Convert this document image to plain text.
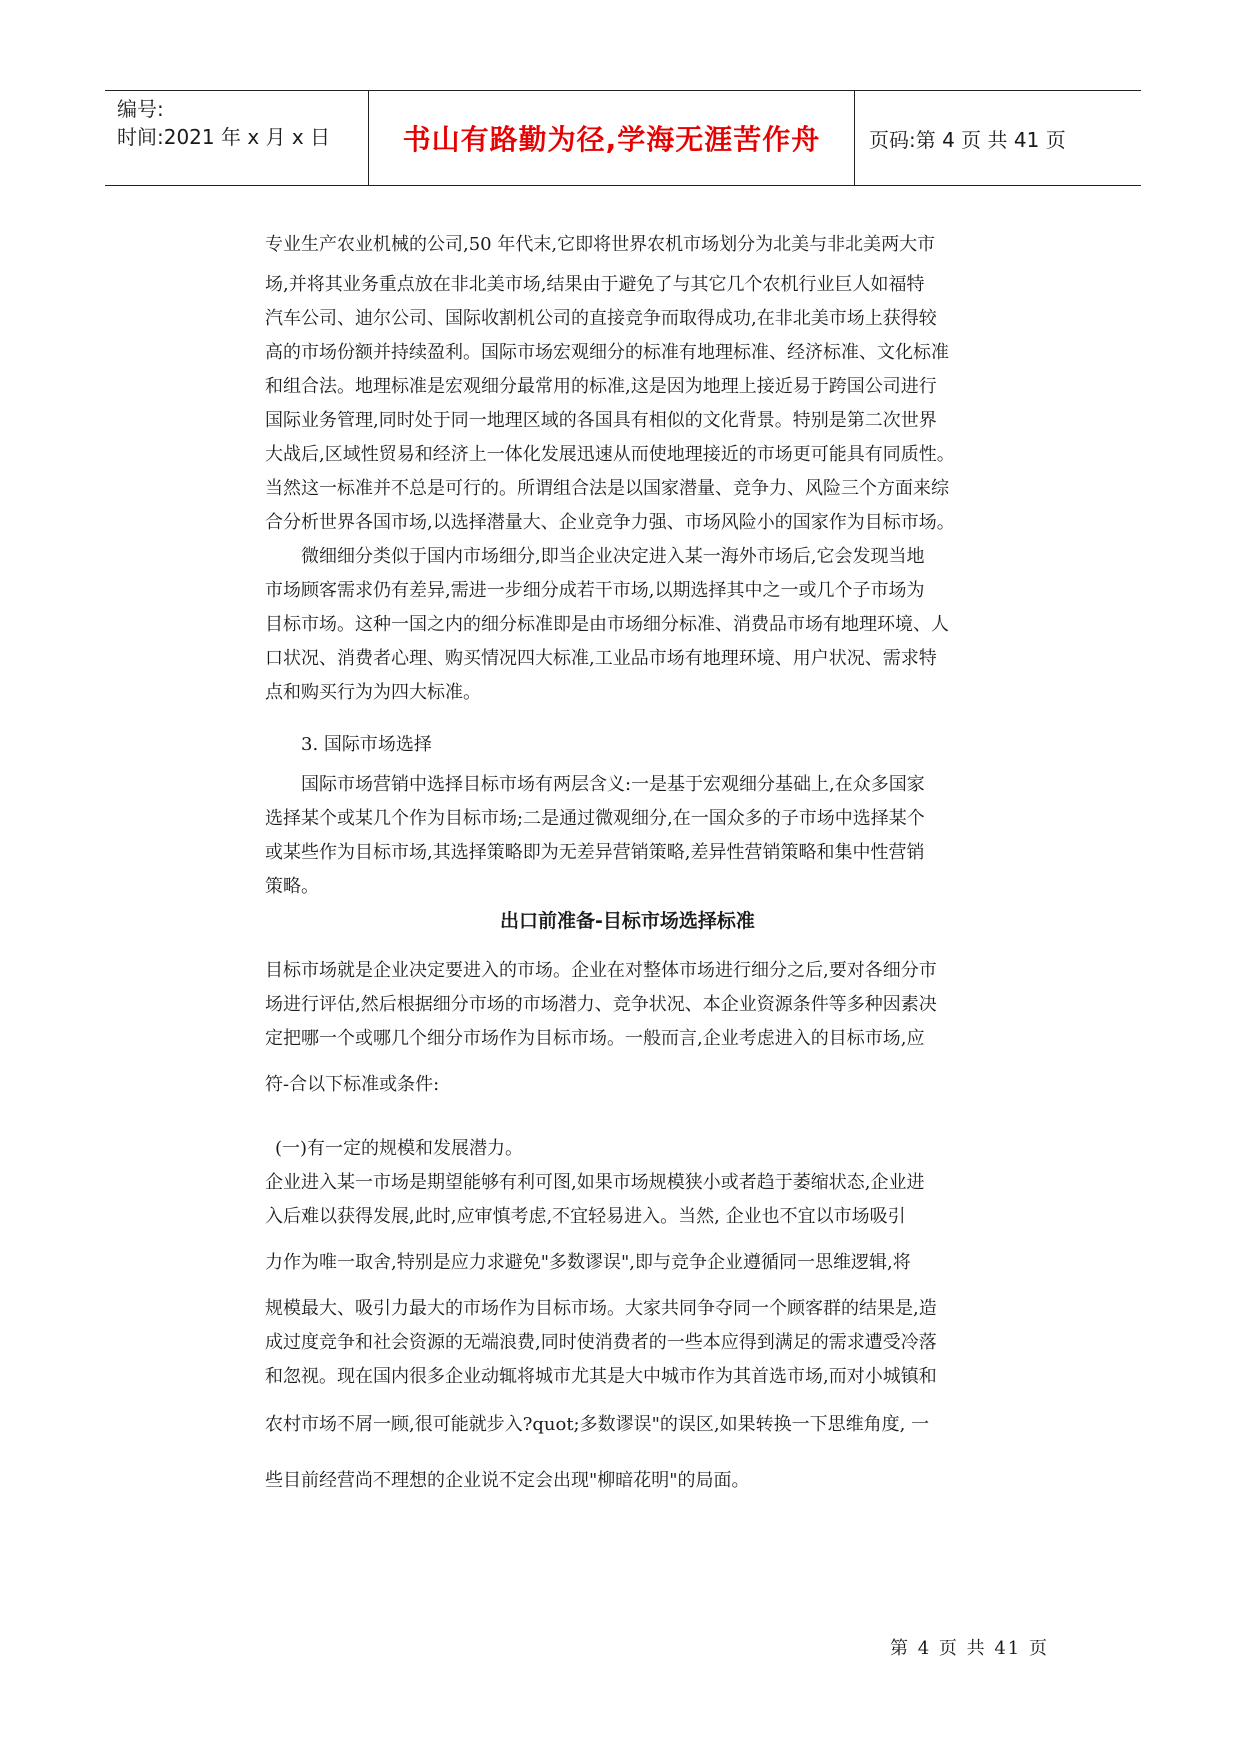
编号:
时间:2021 年 x 月 x 日	书山有路勤为径,学海无涯苦作舟	页码:第 4 页 共 41 页
专业生产农业机械的公司,50 年代末,它即将世界农机市场划分为北美与非北美两大市
场,并将其业务重点放在非北美市场,结果由于避免了与其它几个农机行业巨人如福特
汽车公司、迪尔公司、国际收割机公司的直接竞争而取得成功,在非北美市场上获得较
高的市场份额并持续盈利。国际市场宏观细分的标准有地理标准、经济标准、文化标准
和组合法。地理标准是宏观细分最常用的标准,这是因为地理上接近易于跨国公司进行
国际业务管理,同时处于同一地理区域的各国具有相似的文化背景。特别是第二次世界
大战后,区域性贸易和经济上一体化发展迅速从而使地理接近的市场更可能具有同质性。
当然这一标准并不总是可行的。所谓组合法是以国家潜量、竞争力、风险三个方面来综
合分析世界各国市场,以选择潜量大、企业竞争力强、市场风险小的国家作为目标市场。
微细细分类似于国内市场细分,即当企业决定进入某一海外市场后,它会发现当地
市场顾客需求仍有差异,需进一步细分成若干市场,以期选择其中之一或几个子市场为
目标市场。这种一国之内的细分标准即是由市场细分标准、消费品市场有地理环境、人
口状况、消费者心理、购买情况四大标准,工业品市场有地理环境、用户状况、需求特
点和购买行为为四大标准。
3. 国际市场选择
国际市场营销中选择目标市场有两层含义:一是基于宏观细分基础上,在众多国家
选择某个或某几个作为目标市场;二是通过微观细分,在一国众多的子市场中选择某个
或某些作为目标市场,其选择策略即为无差异营销策略,差异性营销策略和集中性营销
策略。
出口前准备-目标市场选择标准
目标市场就是企业决定要进入的市场。企业在对整体市场进行细分之后,要对各细分市
场进行评估,然后根据细分市场的市场潜力、竞争状况、本企业资源条件等多种因素决
定把哪一个或哪几个细分市场作为目标市场。一般而言,企业考虑进入的目标市场,应
符-合以下标准或条件:
(一)有一定的规模和发展潜力。
企业进入某一市场是期望能够有利可图,如果市场规模狭小或者趋于萎缩状态,企业进
入后难以获得发展,此时,应审慎考虑,不宜轻易进入。当然, 企业也不宜以市场吸引
力作为唯一取舍,特别是应力求避免"多数谬误",即与竞争企业遵循同一思维逻辑,将
规模最大、吸引力最大的市场作为目标市场。大家共同争夺同一个顾客群的结果是,造
成过度竞争和社会资源的无端浪费,同时使消费者的一些本应得到满足的需求遭受冷落
和忽视。现在国内很多企业动辄将城市尤其是大中城市作为其首选市场,而对小城镇和
农村市场不屑一顾,很可能就步入?quot;多数谬误"的误区,如果转换一下思维角度, 一
些目前经营尚不理想的企业说不定会出现"柳暗花明"的局面。
第 4 页 共 41 页
